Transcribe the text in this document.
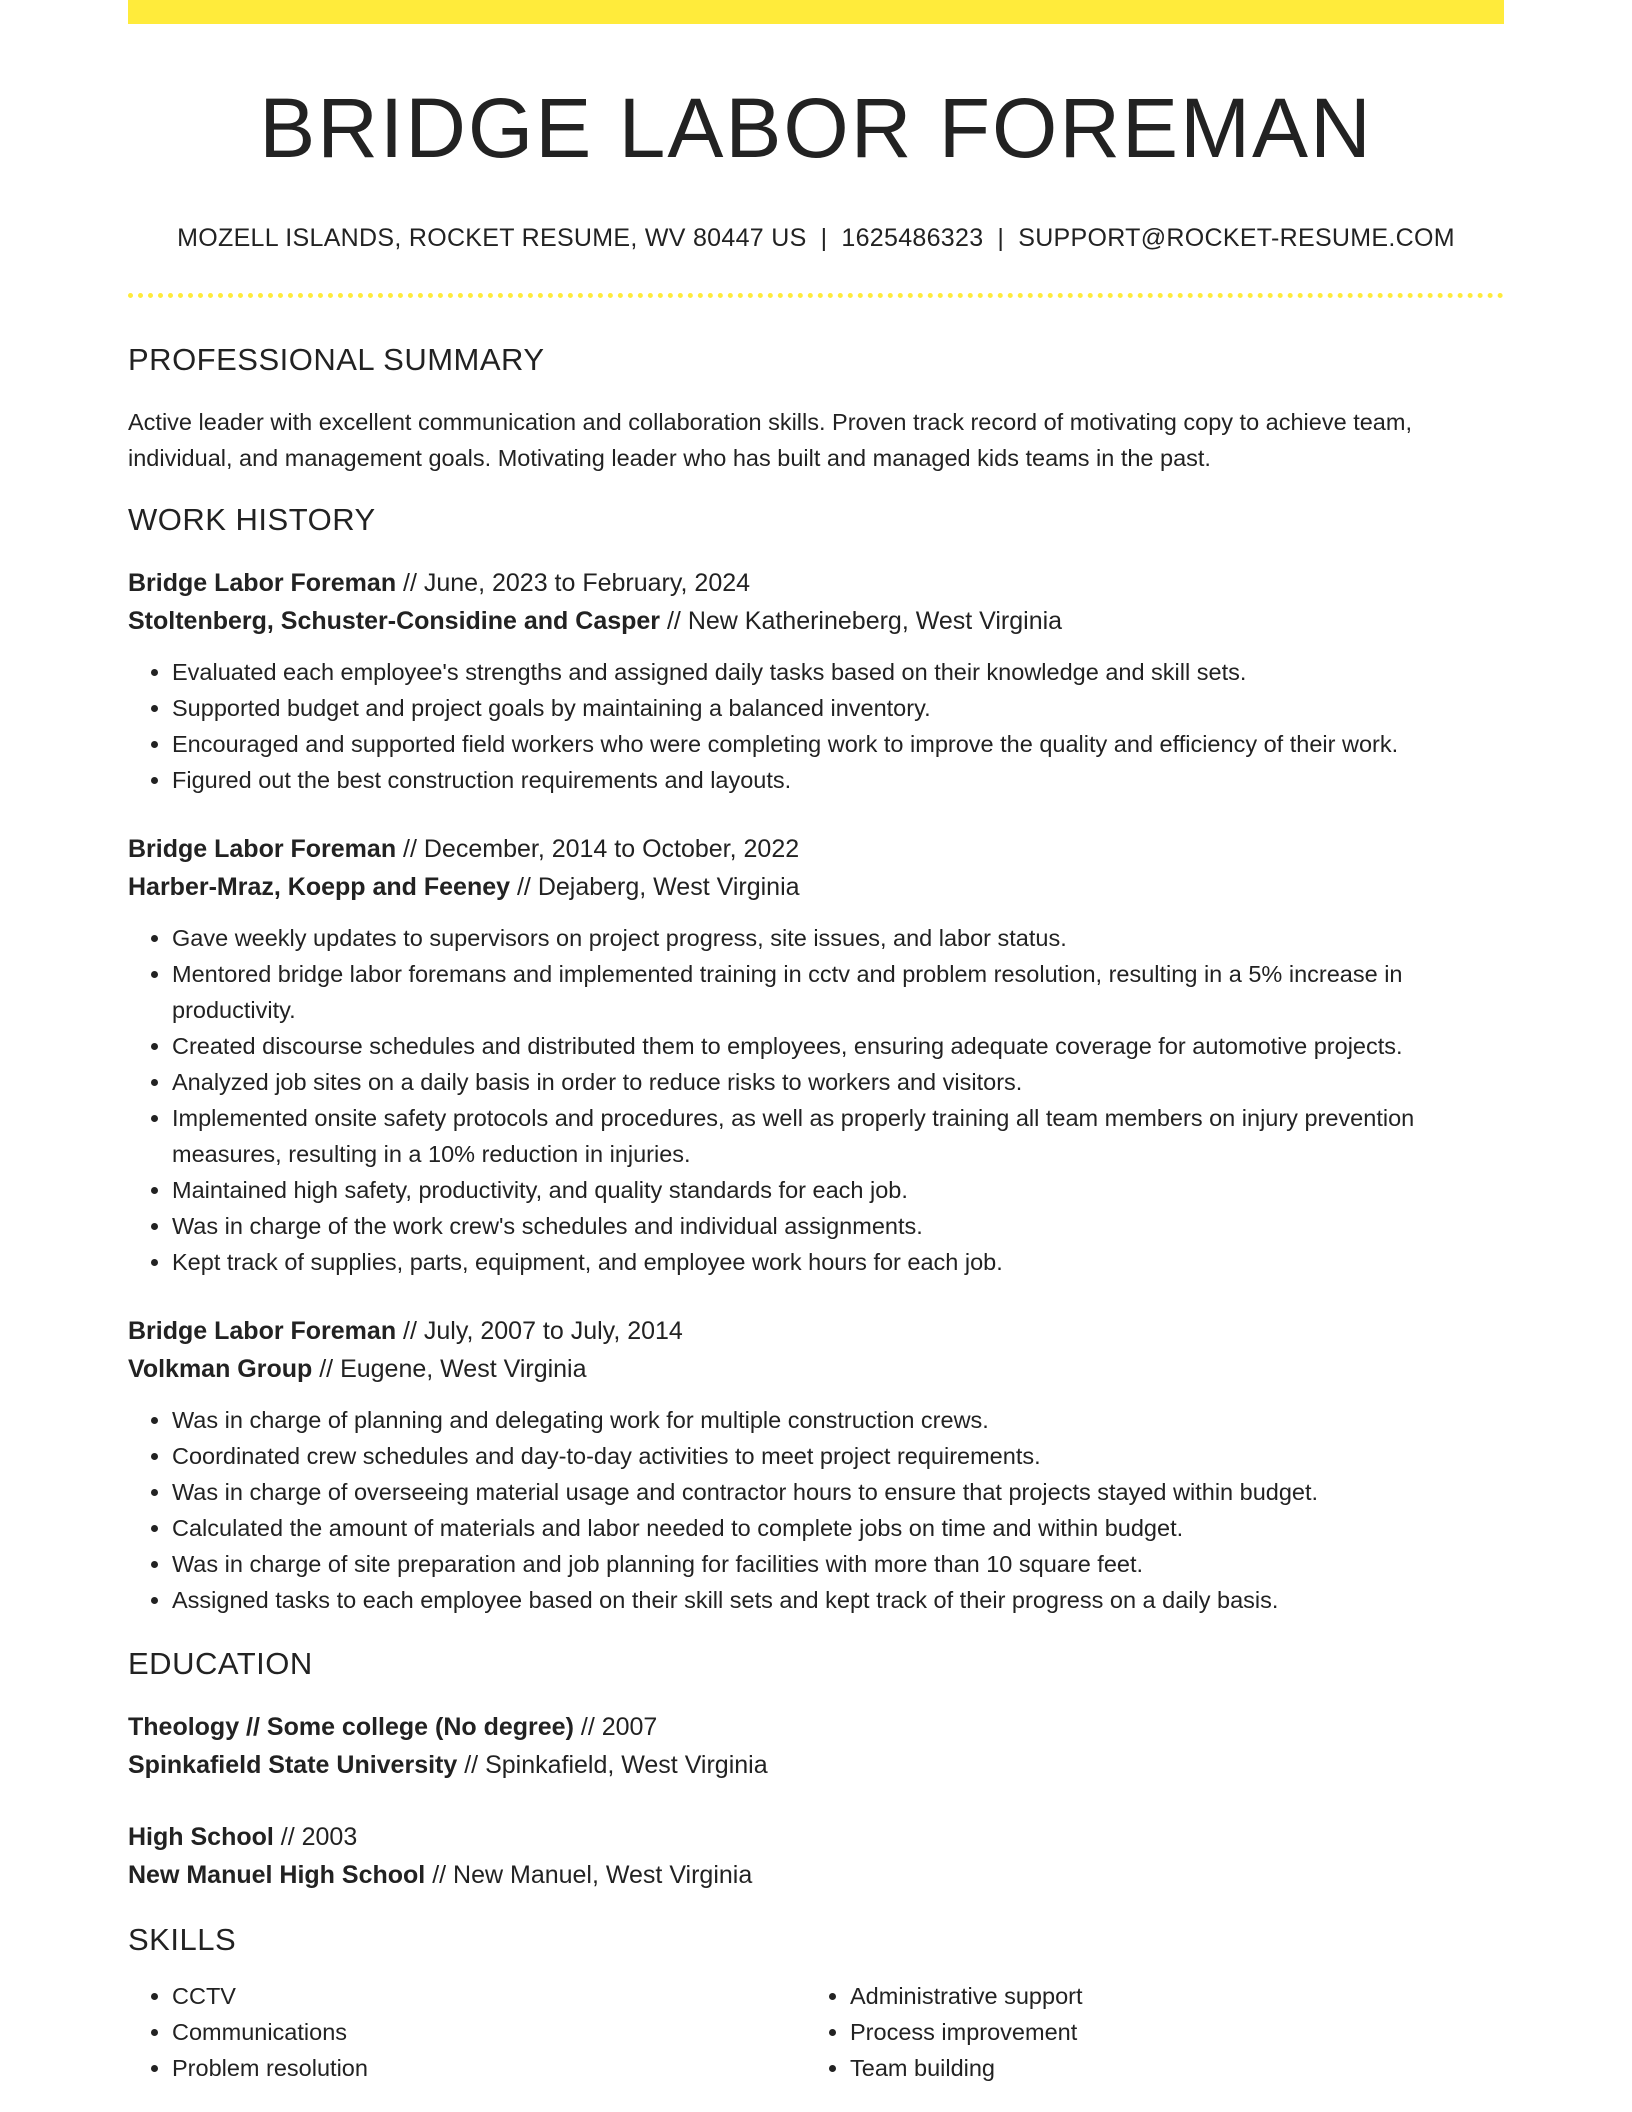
BRIDGE LABOR FOREMAN
MOZELL ISLANDS, ROCKET RESUME, WV 80447 US | 1625486323 | SUPPORT@ROCKET-RESUME.COM
PROFESSIONAL SUMMARY

Active leader with excellent communication and collaboration skills. Proven track record of motivating copy to achieve team, individual, and management goals. Motivating leader who has built and managed kids teams in the past.

WORK HISTORY
Bridge Labor Foreman // June, 2023 to February, 2024
Stoltenberg, Schuster-Considine and Casper // New Katherineberg, West Virginia
• Evaluated each employee's strengths and assigned daily tasks based on their knowledge and skill sets.
• Supported budget and project goals by maintaining a balanced inventory.
• Encouraged and supported field workers who were completing work to improve the quality and efficiency of their work.
• Figured out the best construction requirements and layouts.
Bridge Labor Foreman // December, 2014 to October, 2022
Harber-Mraz, Koepp and Feeney // Dejaberg, West Virginia
• Gave weekly updates to supervisors on project progress, site issues, and labor status.
• Mentored bridge labor foremans and implemented training in cctv and problem resolution, resulting in a 5% increase in productivity.
• Created discourse schedules and distributed them to employees, ensuring adequate coverage for automotive projects.
• Analyzed job sites on a daily basis in order to reduce risks to workers and visitors.
• Implemented onsite safety protocols and procedures, as well as properly training all team members on injury prevention measures, resulting in a 10% reduction in injuries.
• Maintained high safety, productivity, and quality standards for each job.
• Was in charge of the work crew's schedules and individual assignments.
• Kept track of supplies, parts, equipment, and employee work hours for each job.
Bridge Labor Foreman // July, 2007 to July, 2014
Volkman Group // Eugene, West Virginia
• Was in charge of planning and delegating work for multiple construction crews.
• Coordinated crew schedules and day-to-day activities to meet project requirements.
• Was in charge of overseeing material usage and contractor hours to ensure that projects stayed within budget.
• Calculated the amount of materials and labor needed to complete jobs on time and within budget.
• Was in charge of site preparation and job planning for facilities with more than 10 square feet.
• Assigned tasks to each employee based on their skill sets and kept track of their progress on a daily basis.
EDUCATION
Theology // Some college (No degree) // 2007
Spinkafield State University // Spinkafield, West Virginia
High School // 2003
New Manuel High School // New Manuel, West Virginia
SKILLS
• CCTV
• Communications
• Problem resolution
• Administrative support
• Process improvement
• Team building
